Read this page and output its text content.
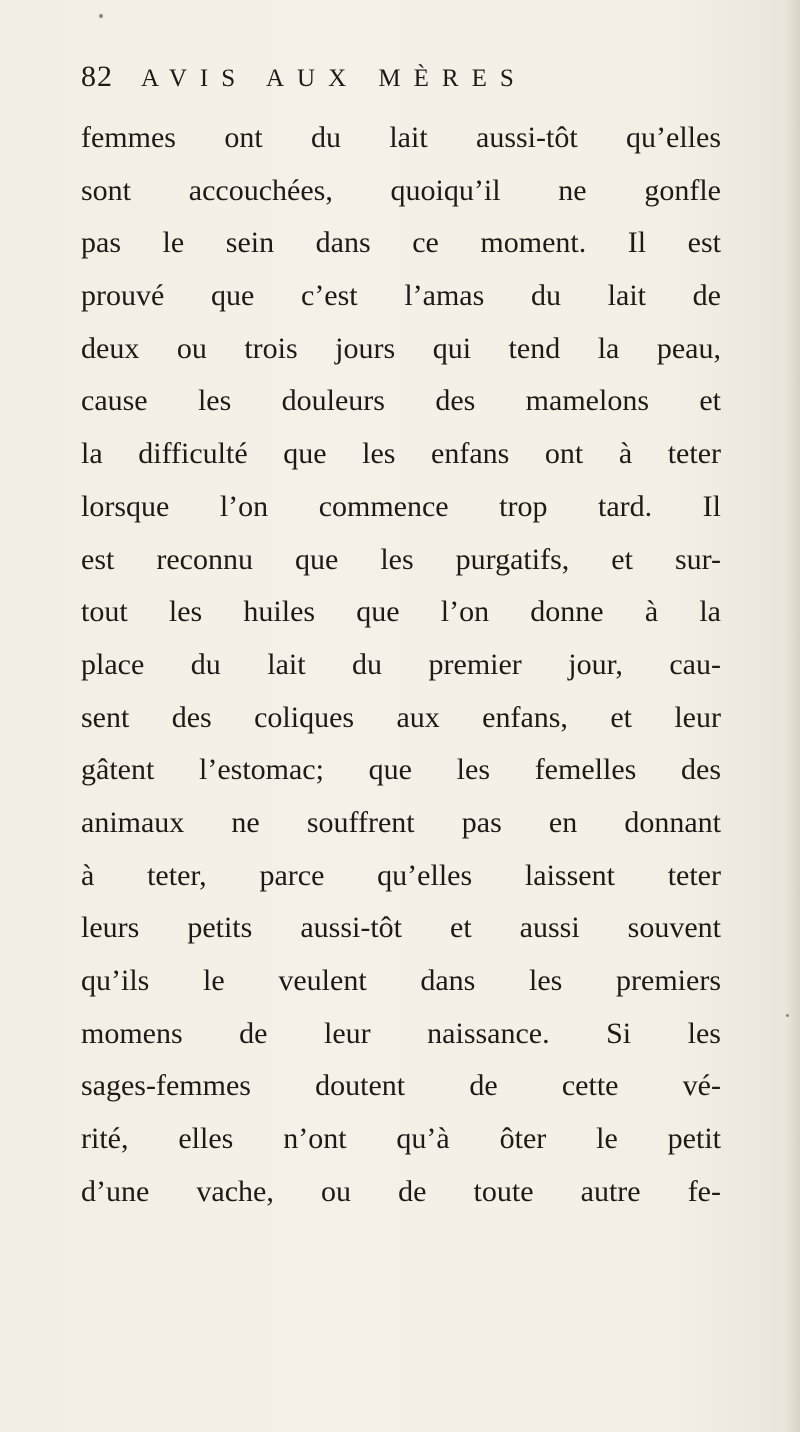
82	AVIS AUX MÈRES
femmes ont du lait aussi-tôt qu’elles
sont accouchées, quoiqu’il ne gonfle
pas le sein dans ce moment. Il est
prouvé que c’est l’amas du lait de
deux ou trois jours qui tend la peau,
cause les douleurs des mamelons et
la difficulté que les enfans ont à teter
lorsque l’on commence trop tard. Il
est reconnu que les purgatifs, et sur-
tout les huiles que l’on donne à la
place du lait du premier jour, cau-
sent des coliques aux enfans, et leur
gâtent l’estomac; que les femelles des
animaux ne souffrent pas en donnant
à teter, parce qu’elles laissent teter
leurs petits aussi-tôt et aussi souvent
qu’ils le veulent dans les premiers
momens de leur naissance. Si les
sages-femmes doutent de cette vé-
rité, elles n’ont qu’à ôter le petit
d’une vache, ou de toute autre fe-
